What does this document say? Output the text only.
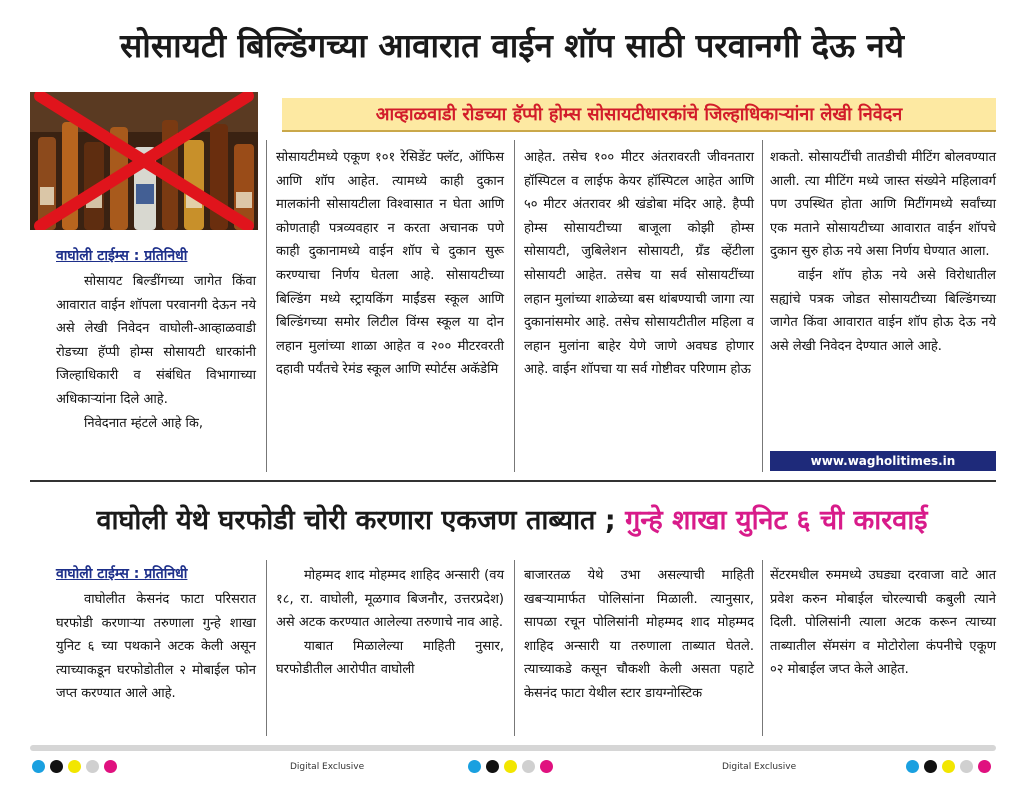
सोसायटी बिल्डिंगच्या आवारात वाईन शॉप साठी परवानगी देऊ नये
आव्हाळवाडी रोडच्या हॅप्पी होम्स सोसायटीधारकांचे जिल्हाधिकाऱ्यांना लेखी निवेदन
वाघोली टाईम्स : प्रतिनिधी

सोसायट बिल्डींगच्या जागेत किंवा आवारात वाईन शॉपला परवानगी देऊन नये असे लेखी निवेदन वाघोली-आव्हाळवाडी रोडच्या हॅप्पी होम्स सोसायटी धारकांनी जिल्हाधिकारी व संबंधित विभागाच्या अधिकाऱ्यांना दिले आहे.

निवेदनात म्हंटले आहे कि,

सोसायटीमध्ये एकूण १०१ रेसिडेंट फ्लॅट, ऑफिस आणि शॉप आहेत. त्यामध्ये काही दुकान मालकांनी सोसायटीला विश्वासात न घेता आणि कोणताही पत्रव्यवहार न करता अचानक पणे काही दुकानामध्ये वाईन शॉप चे दुकान सुरू करण्याचा निर्णय घेतला आहे. सोसायटीच्या बिल्डिंग मध्ये स्ट्रायकिंग माईंडस स्कूल आणि बिल्डिंगच्या समोर लिटील विंग्स स्कूल या दोन लहान मुलांच्या शाळा आहेत व २०० मीटरवरती दहावी पर्यंतचे रेमंड स्कूल आणि स्पोर्टस अकॅडेमि

आहेत. तसेच १०० मीटर अंतरावरती जीवनतारा हॉस्पिटल व लाईफ केयर हॉस्पिटल आहेत आणि ५० मीटर अंतरावर श्री खंडोबा मंदिर आहे. हैप्पी होम्स सोसायटीच्या बाजूला कोझी होम्स सोसायटी, जुबिलेशन सोसायटी, ग्रँड व्हेंटीला सोसायटी आहेत. तसेच या सर्व सोसायटींच्या लहान मुलांच्या शाळेच्या बस थांबण्याची जागा त्या दुकानांसमोर आहे. तसेच सोसायटीतील महिला व लहान मुलांना बाहेर येणे जाणे अवघड होणार आहे. वाईन शॉपचा या सर्व गोष्टीवर परिणाम होऊ

शकतो. सोसायटींची तातडीची मीटिंग बोलवण्यात आली. त्या मीटिंग मध्ये जास्त संख्येने महिलावर्ग पण उपस्थित होता आणि मिटींगमध्ये सर्वांच्या एक मताने सोसायटीच्या आवारात वाईन शॉपचे दुकान सुरु होऊ नये असा निर्णय घेण्यात आला.

वाईन शॉप होऊ नये असे विरोधातील सह्यांचे पत्रक जोडत सोसायटीच्या बिल्डिंगच्या जागेत किंवा आवारात वाईन शॉप होऊ देऊ नये असे लेखी निवेदन देण्यात आले आहे.

www.wagholitimes.in
वाघोली येथे घरफोडी चोरी करणारा एकजण ताब्यात ; गुन्हे शाखा युनिट ६ ची कारवाई
वाघोली टाईम्स : प्रतिनिधी

वाघोलीत केसनंद फाटा परिसरात घरफोडी करणाऱ्या तरुणाला गुन्हे शाखा युनिट ६ च्या पथकाने अटक केली असून त्याच्याकडून घरफोडोतील २ मोबाईल फोन जप्त करण्यात आले आहे.

मोहम्मद शाद मोहम्मद शाहिद अन्सारी (वय १८, रा. वाघोली, मूळगाव बिजनौर, उत्तरप्रदेश) असे अटक करण्यात आलेल्या तरुणाचे नाव आहे.

याबात मिळालेल्या माहिती नुसार, घरफोडीतील आरोपीत वाघोली

बाजारतळ येथे उभा असल्याची माहिती खबऱ्यामार्फत पोलिसांना मिळाली. त्यानुसार, सापळा रचून पोलिसांनी मोहम्मद शाद मोहम्मद शाहिद अन्सारी या तरुणाला ताब्यात घेतले. त्याच्याकडे कसून चौकशी केली असता पहाटे केसनंद फाटा येथील स्टार डायग्नोस्टिक

सेंटरमधील रुममध्ये उघड्या दरवाजा वाटे आत प्रवेश करुन मोबाईल चोरल्याची कबुली त्याने दिली. पोलिसांनी त्याला अटक करून त्याच्या ताब्यातील सॅमसंग व मोटोरोला कंपनीचे एकूण ०२ मोबाईल जप्त केले आहेत.

Digital Exclusive	Digital Exclusive
